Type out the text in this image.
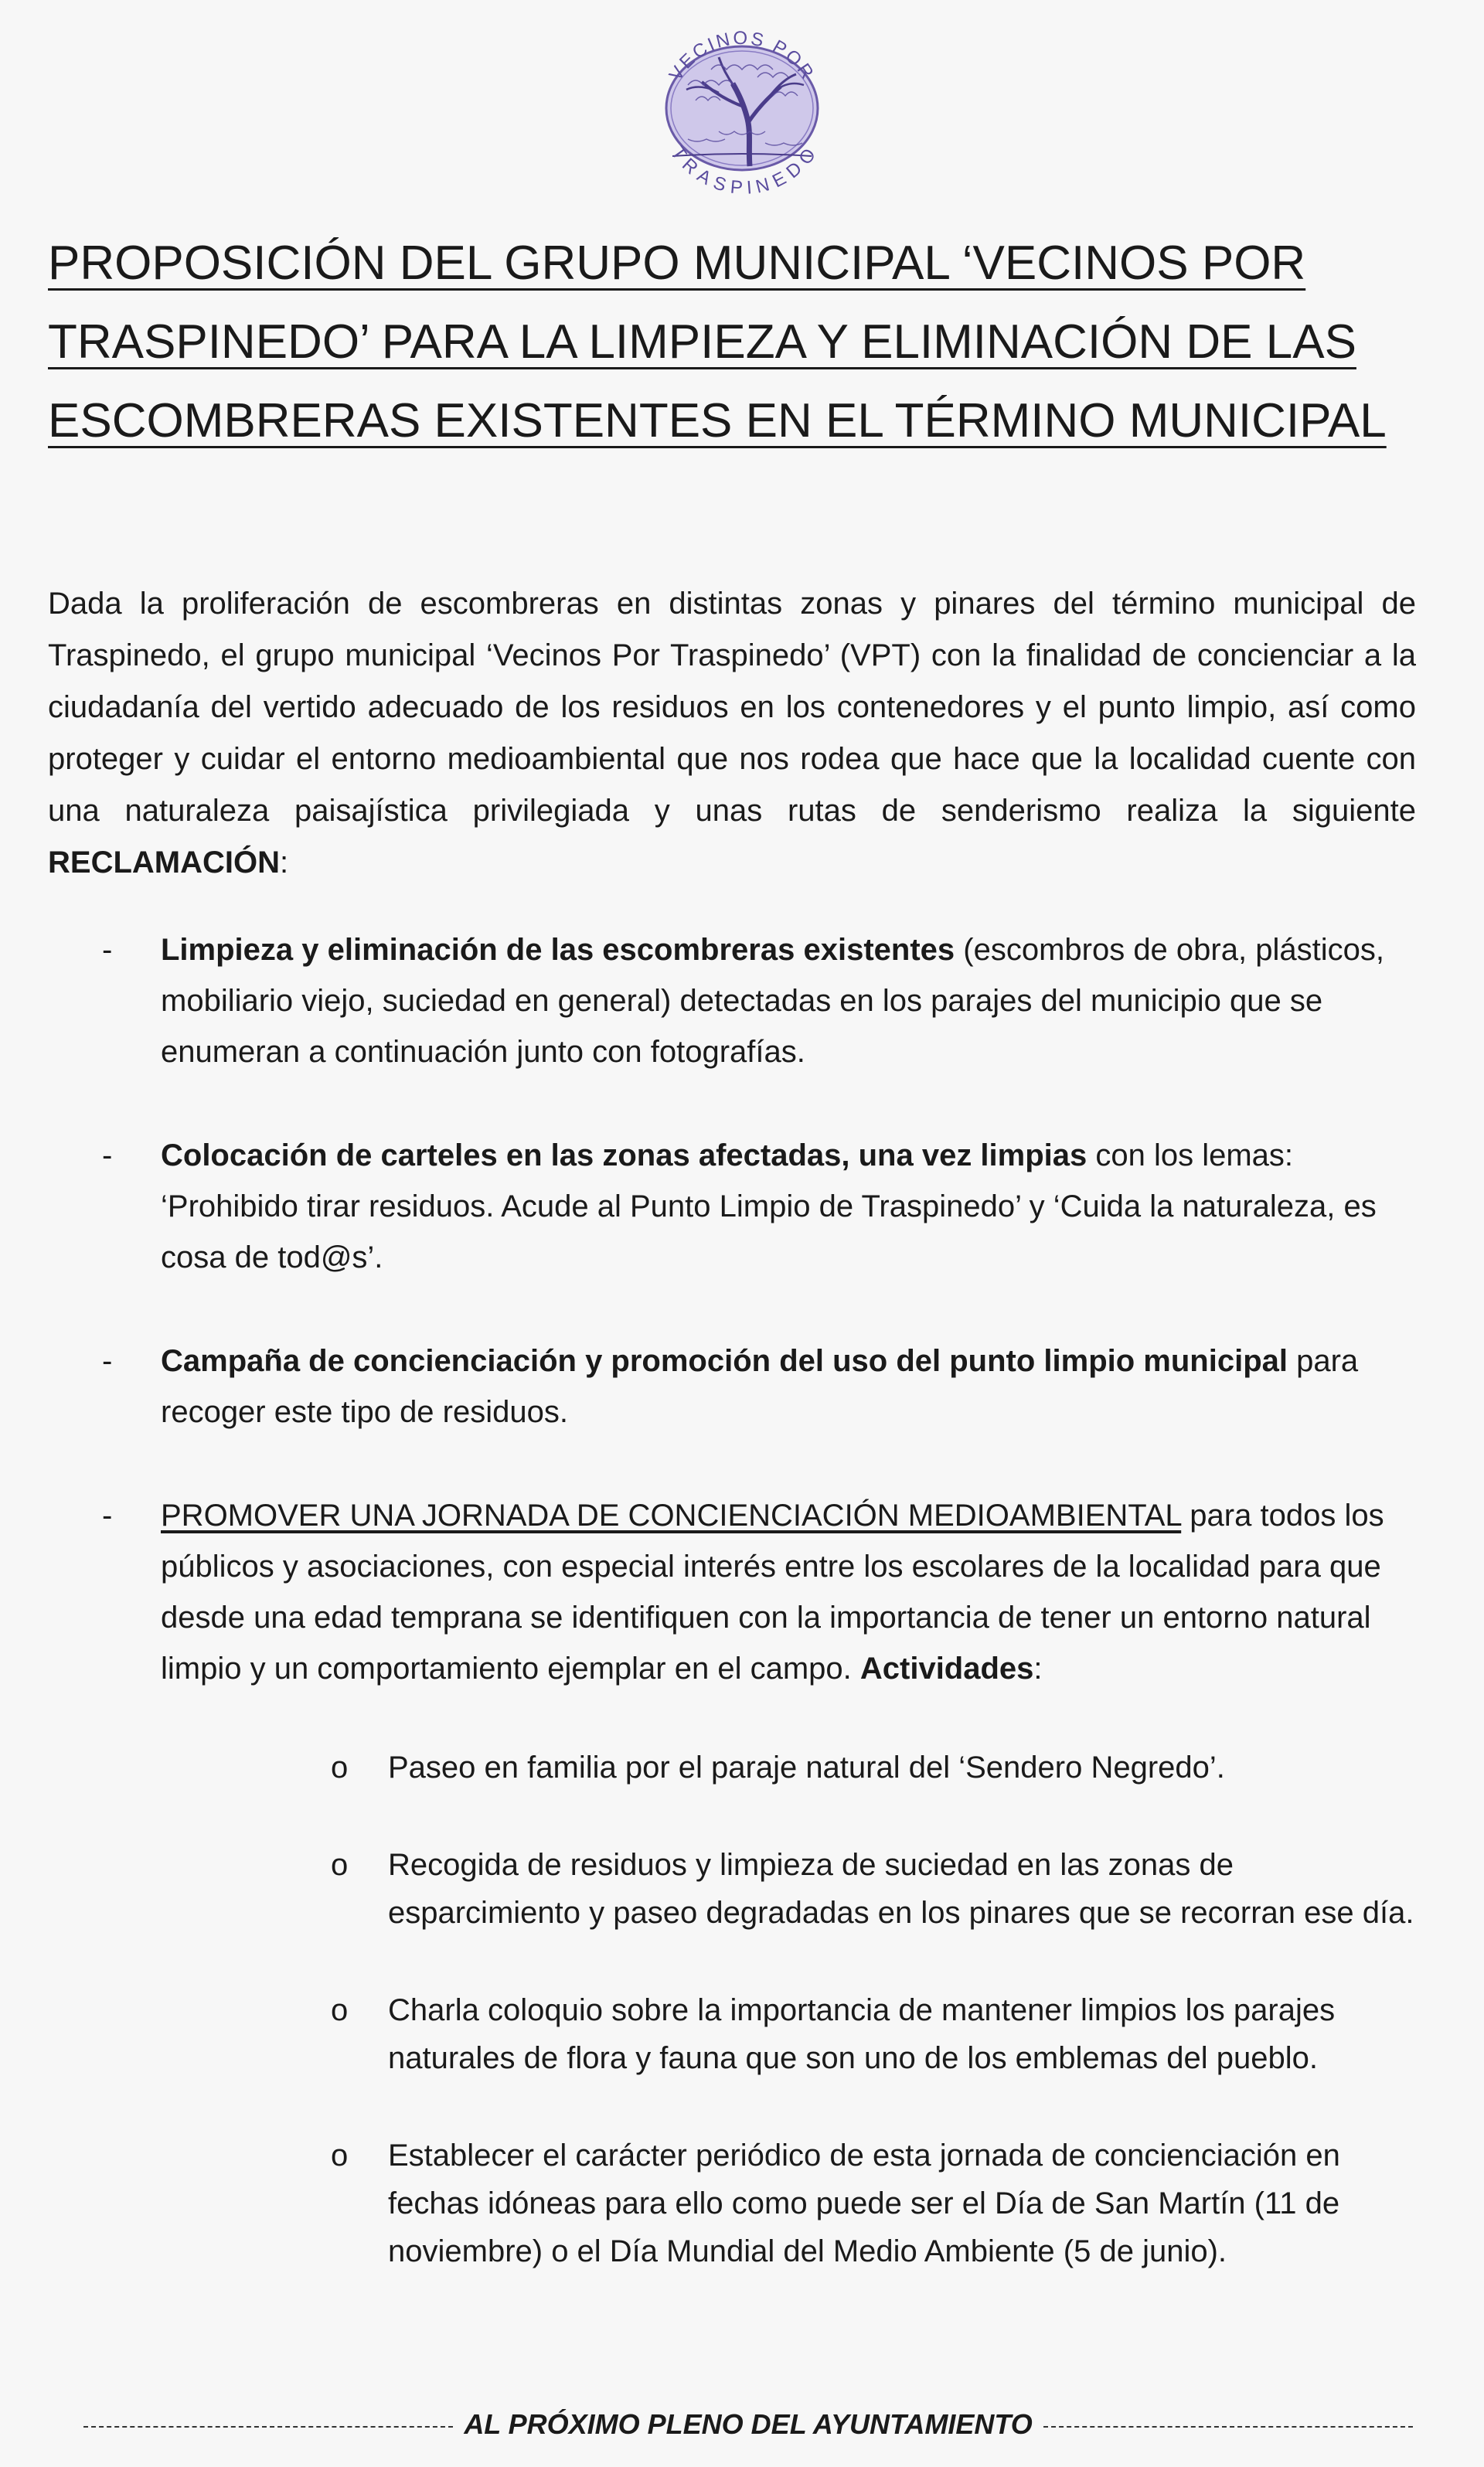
VECINOS POR
TRASPINEDO
PROPOSICIÓN DEL GRUPO MUNICIPAL ‘VECINOS POR
TRASPINEDO’ PARA LA LIMPIEZA Y ELIMINACIÓN DE LAS
ESCOMBRERAS EXISTENTES EN EL TÉRMINO MUNICIPAL

Dada la proliferación de escombreras en distintas zonas y pinares del término municipal de Traspinedo, el grupo municipal ‘Vecinos Por Traspinedo’ (VPT) con la finalidad de concienciar a la ciudadanía del vertido adecuado de los residuos en los contenedores y el punto limpio, así como proteger y cuidar el entorno medioambiental que nos rodea que hace que la localidad cuente con una naturaleza paisajística privilegiada y unas rutas de senderismo realiza la siguiente RECLAMACIÓN:

- Limpieza y eliminación de las escombreras existentes (escombros de obra, plásticos, mobiliario viejo, suciedad en general) detectadas en los parajes del municipio que se enumeran a continuación junto con fotografías.
- Colocación de carteles en las zonas afectadas, una vez limpias con los lemas: ‘Prohibido tirar residuos. Acude al Punto Limpio de Traspinedo’ y ‘Cuida la naturaleza, es cosa de tod@s’.
- Campaña de concienciación y promoción del uso del punto limpio municipal para recoger este tipo de residuos.
- PROMOVER UNA JORNADA DE CONCIENCIACIÓN MEDIOAMBIENTAL para todos los públicos y asociaciones, con especial interés entre los escolares de la localidad para que desde una edad temprana se identifiquen con la importancia de tener un entorno natural limpio y un comportamiento ejemplar en el campo. Actividades:
o Paseo en familia por el paraje natural del ‘Sendero Negredo’.
o Recogida de residuos y limpieza de suciedad en las zonas de esparcimiento y paseo degradadas en los pinares que se recorran ese día.
o Charla coloquio sobre la importancia de mantener limpios los parajes naturales de flora y fauna que son uno de los emblemas del pueblo.
o Establecer el carácter periódico de esta jornada de concienciación en fechas idóneas para ello como puede ser el Día de San Martín (11 de noviembre) o el Día Mundial del Medio Ambiente (5 de junio).
AL PRÓXIMO PLENO DEL AYUNTAMIENTO
